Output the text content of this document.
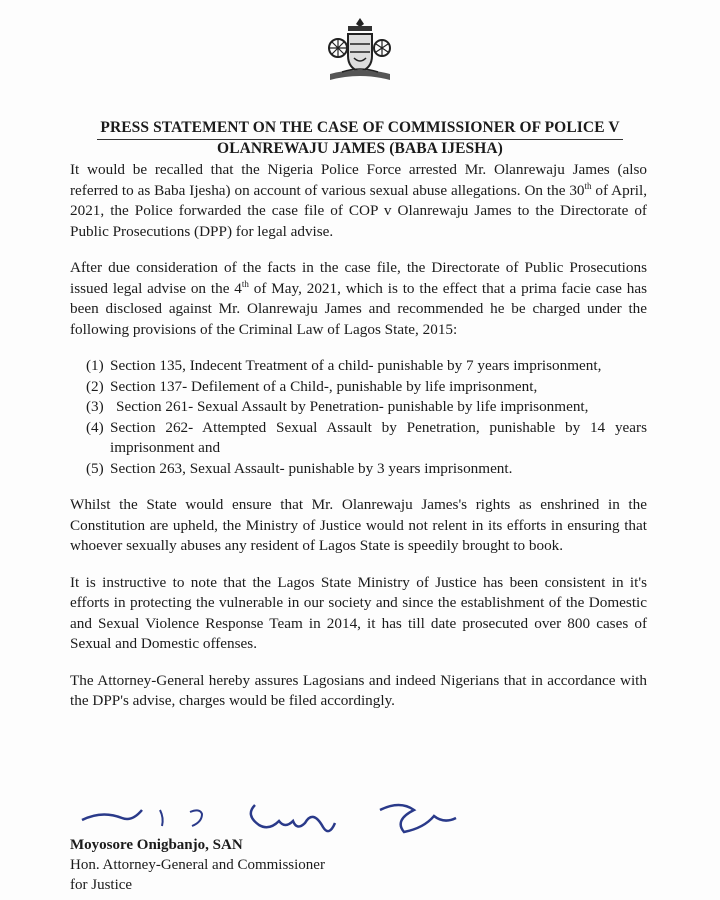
PRESS STATEMENT ON THE CASE OF COMMISSIONER OF POLICE V
OLANREWAJU JAMES (BABA IJESHA)

It would be recalled that the Nigeria Police Force arrested Mr. Olanrewaju James (also referred to as Baba Ijesha) on account of various sexual abuse allegations. On the 30th of April, 2021, the Police forwarded the case file of COP v Olanrewaju James to the Directorate of Public Prosecutions (DPP) for legal advise.

After due consideration of the facts in the case file, the Directorate of Public Prosecutions issued legal advise on the 4th of May, 2021, which is to the effect that a prima facie case has been disclosed against Mr. Olanrewaju James and recommended he be charged under the following provisions of the Criminal Law of Lagos State, 2015:

(1) Section 135, Indecent Treatment of a child- punishable by 7 years imprisonment,
(2) Section 137- Defilement of a Child-, punishable by life imprisonment,
(3) Section 261- Sexual Assault by Penetration- punishable by life imprisonment,
(4) Section 262- Attempted Sexual Assault by Penetration, punishable by 14 years imprisonment and
(5) Section 263, Sexual Assault- punishable by 3 years imprisonment.

Whilst the State would ensure that Mr. Olanrewaju James's rights as enshrined in the Constitution are upheld, the Ministry of Justice would not relent in its efforts in ensuring that whoever sexually abuses any resident of Lagos State is speedily brought to book.

It is instructive to note that the Lagos State Ministry of Justice has been consistent in it's efforts in protecting the vulnerable in our society and since the establishment of the Domestic and Sexual Violence Response Team in 2014, it has till date prosecuted over 800 cases of Sexual and Domestic offenses.

The Attorney-General hereby assures Lagosians and indeed Nigerians that in accordance with the DPP's advise, charges would be filed accordingly.

Moyosore Onigbanjo, SAN
Hon. Attorney-General and Commissioner
for Justice
